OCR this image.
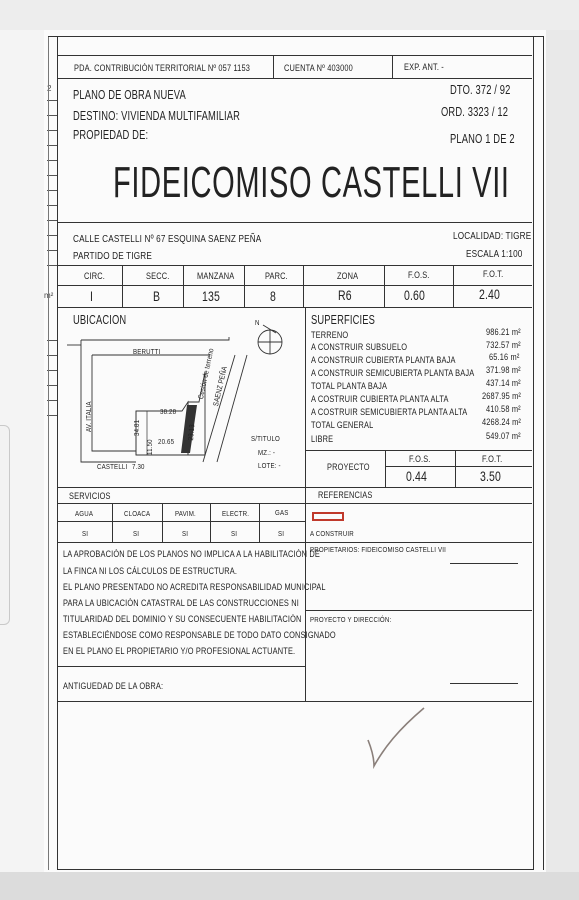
2
m²
PDA. CONTRIBUCIÓN TERRITORIAL Nº 057 1153	CUENTA Nº 403000	EXP. ANT. -
PLANO DE OBRA NUEVA
DESTINO: VIVIENDA MULTIFAMILIAR
PROPIEDAD DE:
DTO. 372 / 92
ORD. 3323 / 12
PLANO 1 DE 2
FIDEICOMISO CASTELLI VII
CALLE CASTELLI Nº 67 ESQUINA SAENZ PEÑA
PARTIDO DE TIGRE
LOCALIDAD: TIGRE
ESCALA 1:100
CIRC.	SECC.	MANZANA	PARC.	ZONA	F.O.S.	F.O.T.
I	B	135	8	R6	0.60	2.40
UBICACION	N
BERUTTI
AV. ITALIA
CASTELLI
SAENZ PEÑA
Cesión de terreno
38.28
34.81
20.65
23.13
11.50
7.30
S/TITULO
MZ.: -
LOTE: -
SUPERFICIES
TERRENO	986.21 m²
A CONSTRUIR SUBSUELO	732.57 m²
A CONSTRUIR CUBIERTA PLANTA BAJA	65.16 m²
A CONSTRUIR SEMICUBIERTA PLANTA BAJA 371.98 m²
TOTAL PLANTA BAJA	437.14 m²
A COSTRUIR CUBIERTA PLANTA ALTA	2687.95 m²
A COSTRUIR SEMICUBIERTA PLANTA ALTA 410.58 m²
TOTAL GENERAL	4268.24 m²
LIBRE	549.07 m²
PROYECTO
F.O.S.	F.O.T.
0.44	3.50
SERVICIOS
AGUA	CLOACA	PAVIM.	ELECTR.	GAS
SI	SI	SI	SI	SI
REFERENCIAS
A CONSTRUIR
LA APROBACIÓN DE LOS PLANOS NO IMPLICA A LA HABILITACIÓN DE
LA FINCA NI LOS CÁLCULOS DE ESTRUCTURA.
EL PLANO PRESENTADO NO ACREDITA RESPONSABILIDAD MUNICIPAL
PARA LA UBICACIÓN CATASTRAL DE LAS CONSTRUCCIONES NI
TITULARIDAD DEL DOMINIO Y SU CONSECUENTE HABILITACIÓN
ESTABLECIÉNDOSE COMO RESPONSABLE DE TODO DATO CONSIGNADO
EN EL PLANO EL PROPIETARIO Y/O PROFESIONAL ACTUANTE.
PROPIETARIOS: FIDEICOMISO CASTELLI VII
PROYECTO Y DIRECCIÓN:
ANTIGUEDAD DE LA OBRA:
